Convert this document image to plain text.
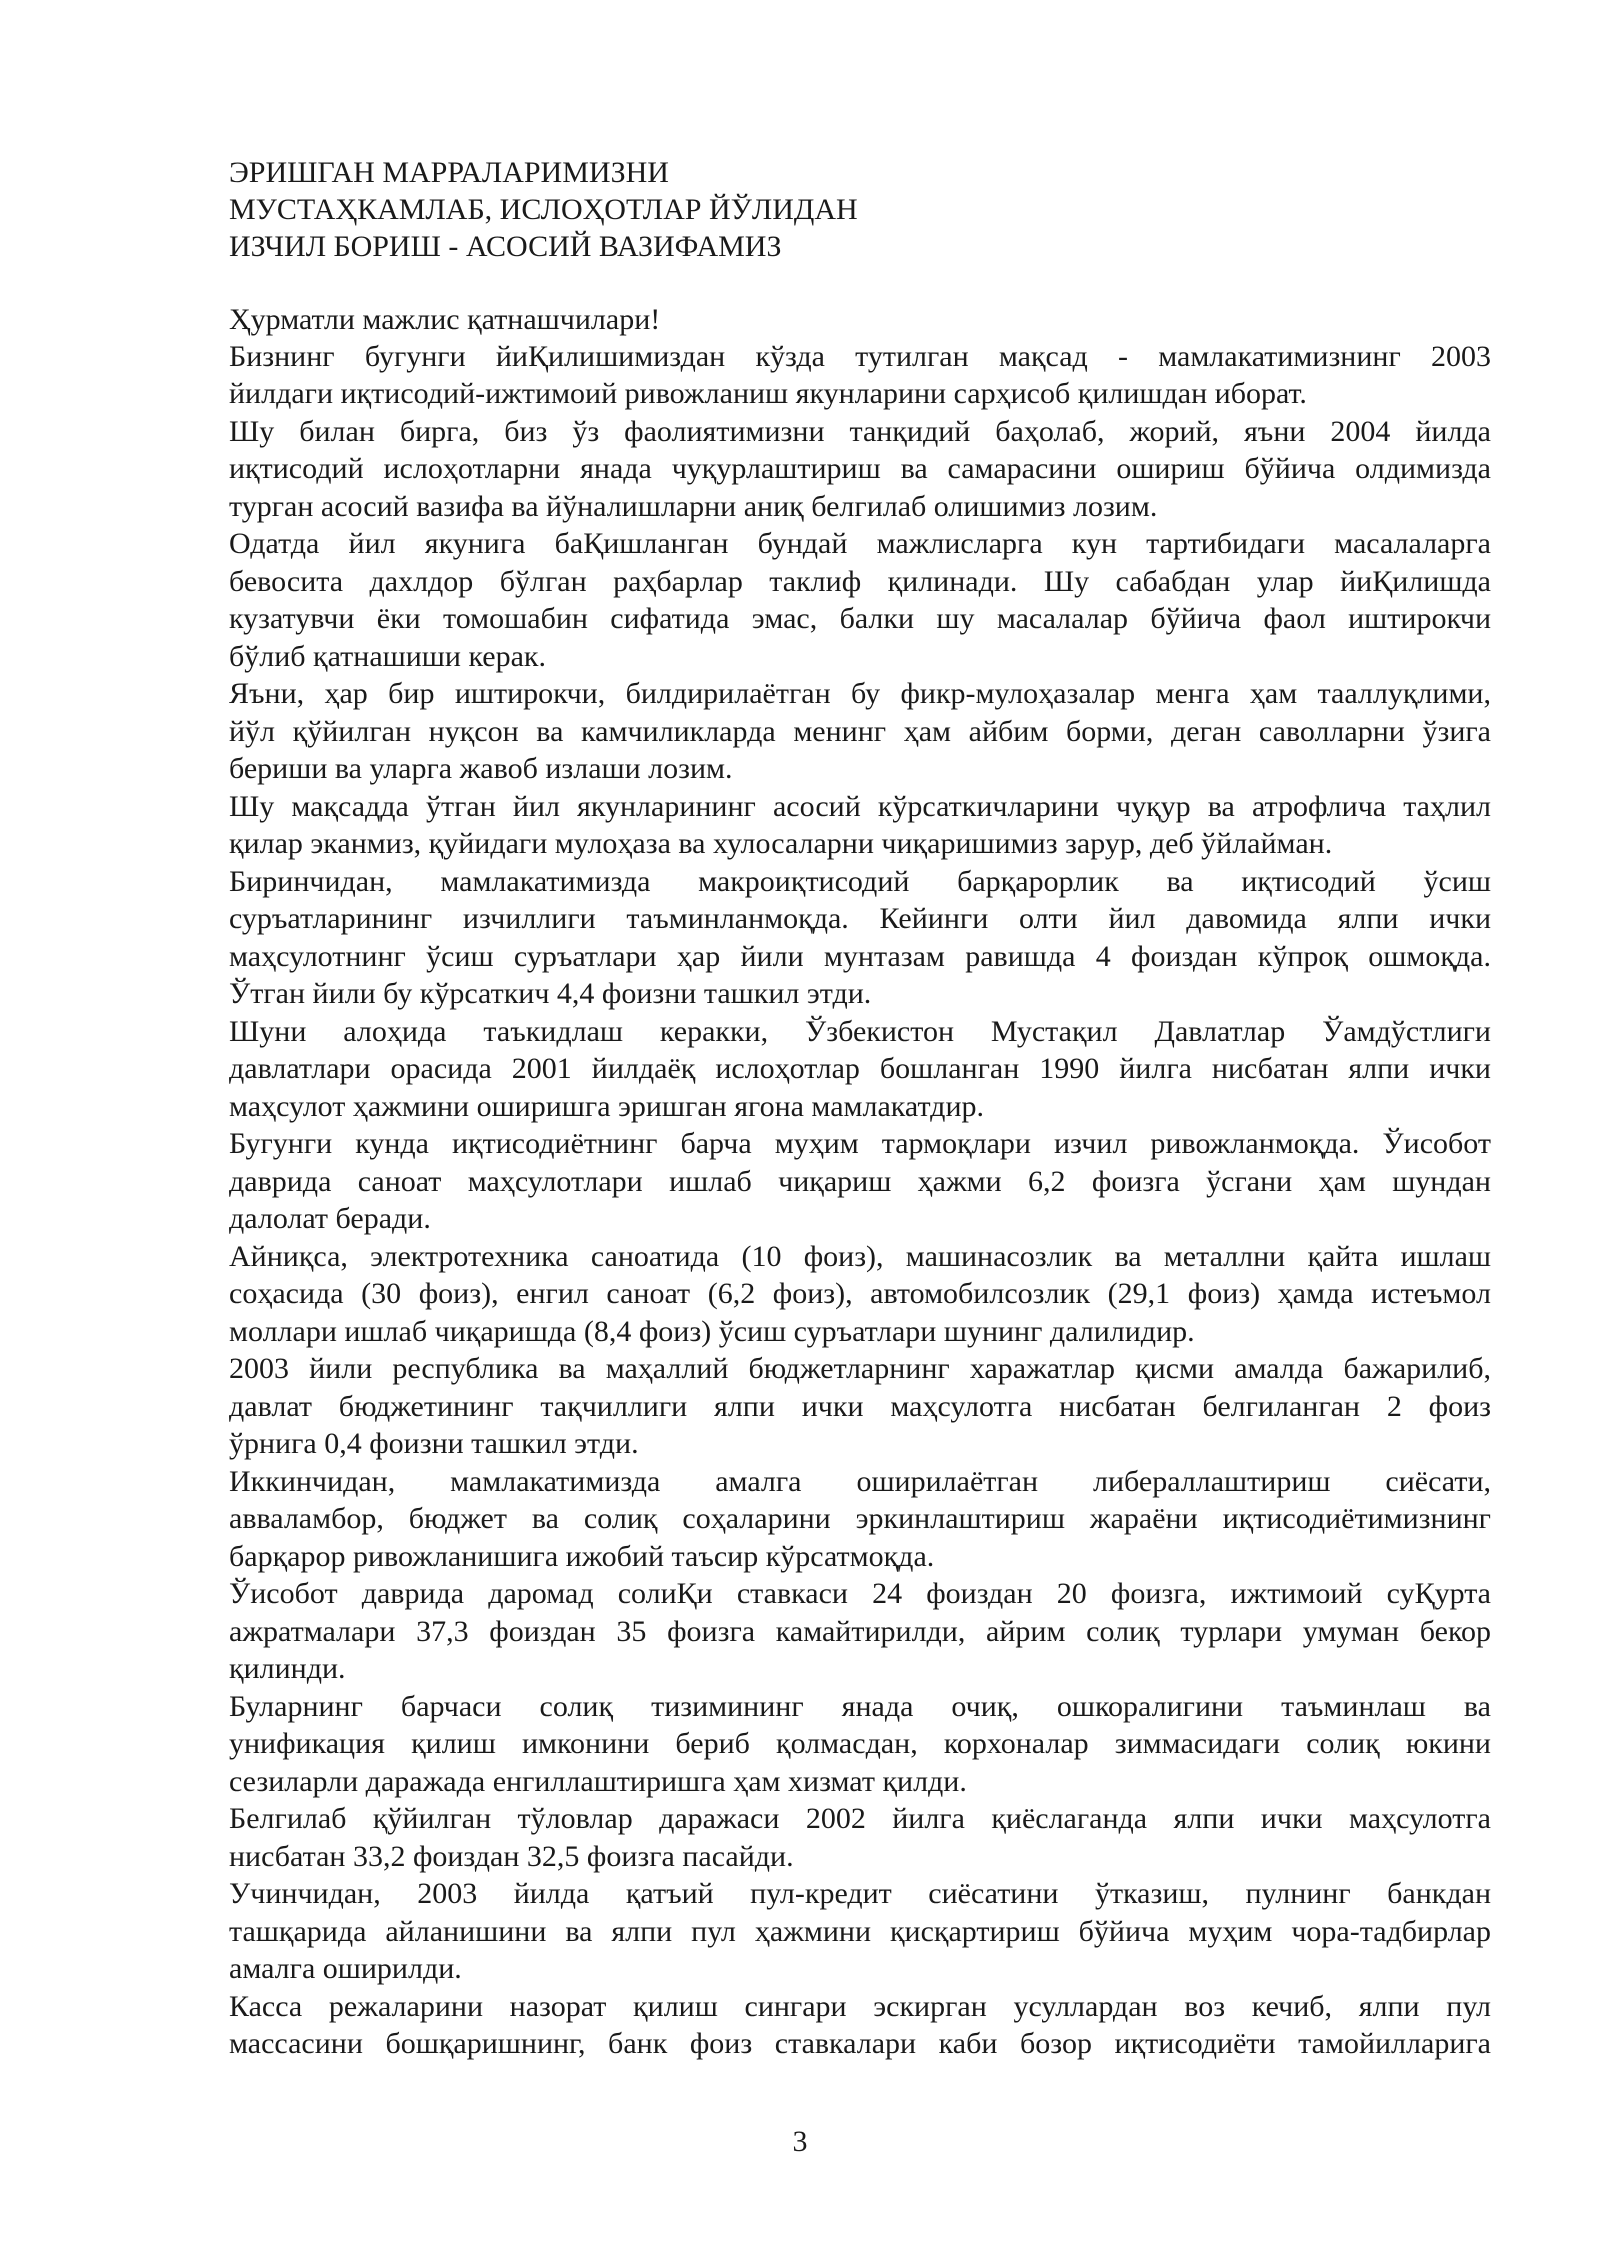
ЭРИШГАН МАРРАЛАРИМИЗНИ
МУСТАҲКАМЛАБ, ИСЛОҲОТЛАР ЙЎЛИДАН
ИЗЧИЛ БОРИШ - АСОСИЙ ВАЗИФАМИЗ
Ҳурматли мажлис қатнашчилари!
Бизнинг бугунги йиҚилишимиздан кўзда тутилган мақсад - мамлакатимизнинг 2003
йилдаги иқтисодий-ижтимоий ривожланиш якунларини сарҳисоб қилишдан иборат.
Шу билан бирга, биз ўз фаолиятимизни танқидий баҳолаб, жорий, яъни 2004 йилда
иқтисодий ислоҳотларни янада чуқурлаштириш ва самарасини ошириш бўйича олдимизда
турган асосий вазифа ва йўналишларни аниқ белгилаб олишимиз лозим.
Одатда йил якунига баҚишланган бундай мажлисларга кун тартибидаги масалаларга
бевосита дахлдор бўлган раҳбарлар таклиф қилинади. Шу сабабдан улар йиҚилишда
кузатувчи ёки томошабин сифатида эмас, балки шу масалалар бўйича фаол иштирокчи
бўлиб қатнашиши керак.
Яъни, ҳар бир иштирокчи, билдирилаётган бу фикр-мулоҳазалар менга ҳам тааллуқлими,
йўл қўйилган нуқсон ва камчиликларда менинг ҳам айбим борми, деган саволларни ўзига
бериши ва уларга жавоб излаши лозим.
Шу мақсадда ўтган йил якунларининг асосий кўрсаткичларини чуқур ва атрофлича таҳлил
қилар эканмиз, қуйидаги мулоҳаза ва хулосаларни чиқаришимиз зарур, деб ўйлайман.
Биринчидан, мамлакатимизда макроиқтисодий барқарорлик ва иқтисодий ўсиш
суръатларининг изчиллиги таъминланмоқда. Кейинги олти йил давомида ялпи ички
маҳсулотнинг ўсиш суръатлари ҳар йили мунтазам равишда 4 фоиздан кўпроқ ошмоқда.
Ўтган йили бу кўрсаткич 4,4 фоизни ташкил этди.
Шуни алоҳида таъкидлаш керакки, Ўзбекистон Мустақил Давлатлар Ўамдўстлиги
давлатлари орасида 2001 йилдаёқ ислоҳотлар бошланган 1990 йилга нисбатан ялпи ички
маҳсулот ҳажмини оширишга эришган ягона мамлакатдир.
Бугунги кунда иқтисодиётнинг барча муҳим тармоқлари изчил ривожланмоқда. Ўисобот
даврида саноат маҳсулотлари ишлаб чиқариш ҳажми 6,2 фоизга ўсгани ҳам шундан
далолат беради.
Айниқса, электротехника саноатида (10 фоиз), машинасозлик ва металлни қайта ишлаш
соҳасида (30 фоиз), енгил саноат (6,2 фоиз), автомобилсозлик (29,1 фоиз) ҳамда истеъмол
моллари ишлаб чиқаришда (8,4 фоиз) ўсиш суръатлари шунинг далилидир.
2003 йили республика ва маҳаллий бюджетларнинг харажатлар қисми амалда бажарилиб,
давлат бюджетининг тақчиллиги ялпи ички маҳсулотга нисбатан белгиланган 2 фоиз
ўрнига 0,4 фоизни ташкил этди.
Иккинчидан, мамлакатимизда амалга оширилаётган либераллаштириш сиёсати,
авваламбор, бюджет ва солиқ соҳаларини эркинлаштириш жараёни иқтисодиётимизнинг
барқарор ривожланишига ижобий таъсир кўрсатмоқда.
Ўисобот даврида даромад солиҚи ставкаси 24 фоиздан 20 фоизга, ижтимоий суҚурта
ажратмалари 37,3 фоиздан 35 фоизга камайтирилди, айрим солиқ турлари умуман бекор
қилинди.
Буларнинг барчаси солиқ тизимининг янада очиқ, ошкоралигини таъминлаш ва
унификация қилиш имконини бериб қолмасдан, корхоналар зиммасидаги солиқ юкини
сезиларли даражада енгиллаштиришга ҳам хизмат қилди.
Белгилаб қўйилган тўловлар даражаси 2002 йилга қиёслаганда ялпи ички маҳсулотга
нисбатан 33,2 фоиздан 32,5 фоизга пасайди.
Учинчидан, 2003 йилда қатъий пул-кредит сиёсатини ўтказиш, пулнинг банкдан
ташқарида айланишини ва ялпи пул ҳажмини қисқартириш бўйича муҳим чора-тадбирлар
амалга оширилди.
Касса режаларини назорат қилиш сингари эскирган усуллардан воз кечиб, ялпи пул
массасини бошқаришнинг, банк фоиз ставкалари каби бозор иқтисодиёти тамойилларига
3
